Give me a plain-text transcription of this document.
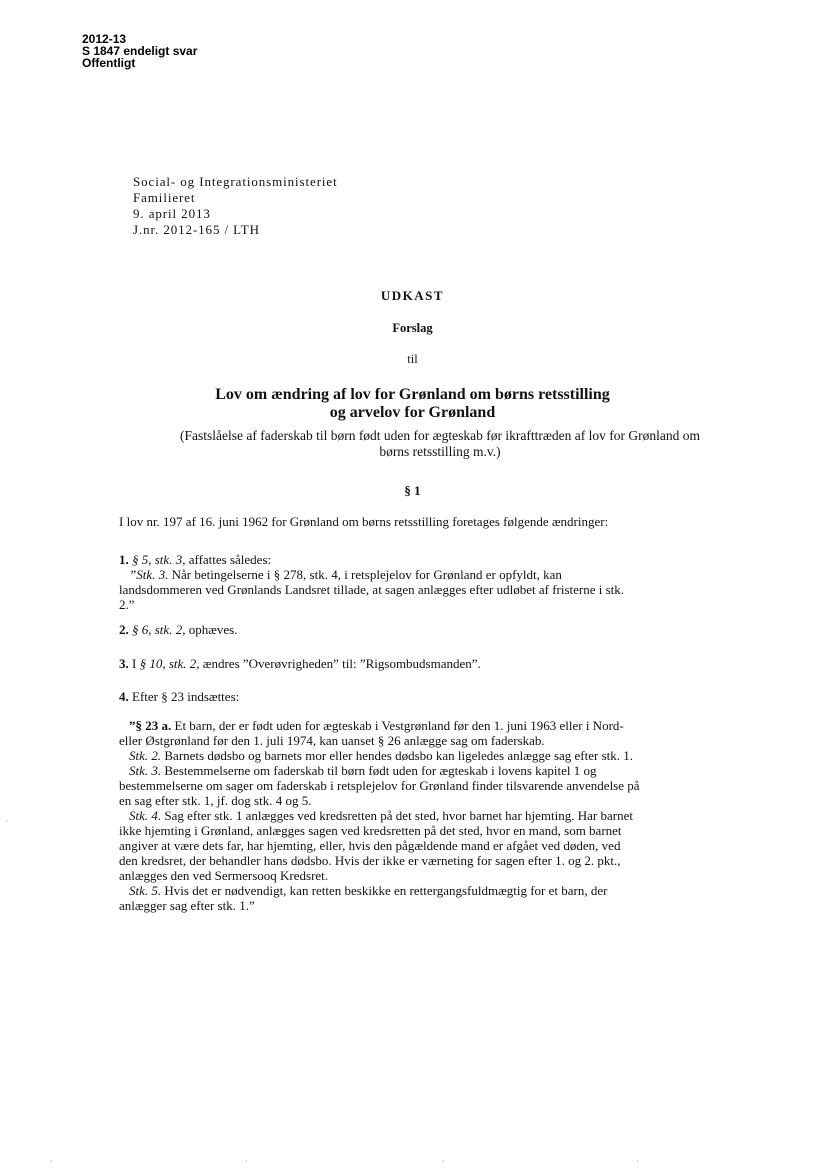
2012-13
S 1847 endeligt svar
Offentligt
Social- og Integrationsministeriet
Familieret
9. april 2013
J.nr. 2012-165 / LTH
UDKAST
Forslag
til
Lov om ændring af lov for Grønland om børns retsstilling
og arvelov for Grønland
(Fastslåelse af faderskab til børn født uden for ægteskab før ikrafttræden af lov for Grønland om
børns retsstilling m.v.)
§ 1
I lov nr. 197 af 16. juni 1962 for Grønland om børns retsstilling foretages følgende ændringer:
1. § 5, stk. 3, affattes således:
”Stk. 3. Når betingelserne i § 278, stk. 4, i retsplejelov for Grønland er opfyldt, kan
landsdommeren ved Grønlands Landsret tillade, at sagen anlægges efter udløbet af fristerne i stk.
2.”
2. § 6, stk. 2, ophæves.
3. I § 10, stk. 2, ændres ”Overøvrigheden” til: ”Rigsombudsmanden”.
4. Efter § 23 indsættes:
”§ 23 a. Et barn, der er født uden for ægteskab i Vestgrønland før den 1. juni 1963 eller i Nord-
eller Østgrønland før den 1. juli 1974, kan uanset § 26 anlægge sag om faderskab.
Stk. 2. Barnets dødsbo og barnets mor eller hendes dødsbo kan ligeledes anlægge sag efter stk. 1.
Stk. 3. Bestemmelserne om faderskab til børn født uden for ægteskab i lovens kapitel 1 og
bestemmelserne om sager om faderskab i retsplejelov for Grønland finder tilsvarende anvendelse på
en sag efter stk. 1, jf. dog stk. 4 og 5.
Stk. 4. Sag efter stk. 1 anlægges ved kredsretten på det sted, hvor barnet har hjemting. Har barnet
ikke hjemting i Grønland, anlægges sagen ved kredsretten på det sted, hvor en mand, som barnet
angiver at være dets far, har hjemting, eller, hvis den pågældende mand er afgået ved døden, ved
den kredsret, der behandler hans dødsbo. Hvis der ikke er værneting for sagen efter 1. og 2. pkt.,
anlægges den ved Sermersooq Kredsret.
Stk. 5. Hvis det er nødvendigt, kan retten beskikke en rettergangsfuldmægtig for et barn, der
anlægger sag efter stk. 1.”
·	·	·	·
·
